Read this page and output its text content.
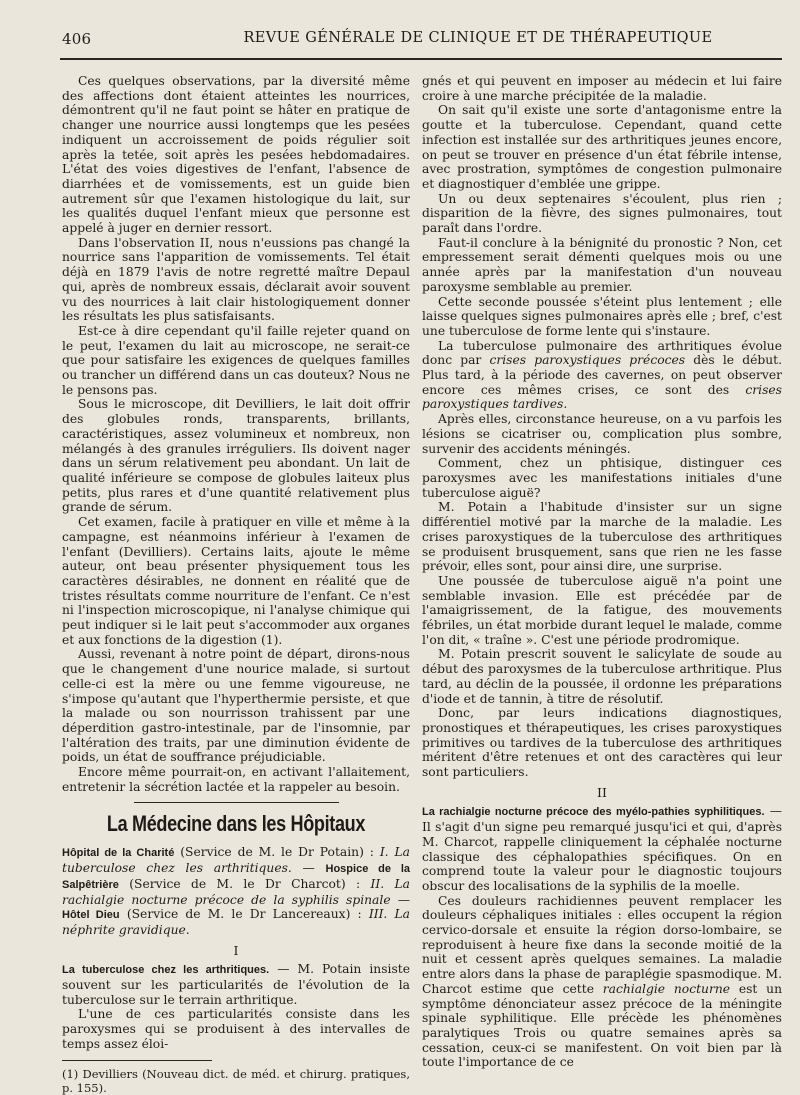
406	REVUE GÉNÉRALE DE CLINIQUE ET DE THÉRAPEUTIQUE

Ces quelques observations, par la diversité même des affections dont étaient atteintes les nourrices, démontrent qu'il ne faut point se hâter en pratique de changer une nourrice aussi longtemps que les pesées indiquent un accroissement de poids régulier soit après la tetée, soit après les pesées hebdomadaires. L'état des voies digestives de l'enfant, l'absence de diarrhées et de vomissements, est un guide bien autrement sûr que l'examen histologique du lait, sur les qualités duquel l'enfant mieux que personne est appelé à juger en dernier ressort.

Dans l'observation II, nous n'eussions pas changé la nourrice sans l'apparition de vomissements. Tel était déjà en 1879 l'avis de notre regretté maître Depaul qui, après de nombreux essais, déclarait avoir souvent vu des nourrices à lait clair histologiquement donner les résultats les plus satisfaisants.

Est-ce à dire cependant qu'il faille rejeter quand on le peut, l'examen du lait au microscope, ne serait-ce que pour satisfaire les exigences de quelques familles ou trancher un différend dans un cas douteux? Nous ne le pensons pas.

Sous le microscope, dit Devilliers, le lait doit offrir des globules ronds, transparents, brillants, caractéristiques, assez volumineux et nombreux, non mélangés à des granules irréguliers. Ils doivent nager dans un sérum relativement peu abondant. Un lait de qualité inférieure se compose de globules laiteux plus petits, plus rares et d'une quantité relativement plus grande de sérum.

Cet examen, facile à pratiquer en ville et même à la campagne, est néanmoins inférieur à l'examen de l'enfant (Devilliers). Certains laits, ajoute le même auteur, ont beau présenter physiquement tous les caractères désirables, ne donnent en réalité que de tristes résultats comme nourriture de l'enfant. Ce n'est ni l'inspection microscopique, ni l'analyse chimique qui peut indiquer si le lait peut s'accommoder aux organes et aux fonctions de la digestion (1).

Aussi, revenant à notre point de départ, dirons-nous que le changement d'une nourice malade, si surtout celle-ci est la mère ou une femme vigoureuse, ne s'impose qu'autant que l'hyperthermie persiste, et que la malade ou son nourrisson trahissent par une déperdition gastro-intestinale, par de l'insomnie, par l'altération des traits, par une diminution évidente de poids, un état de souffrance préjudiciable.

Encore même pourrait-on, en activant l'allaitement, entretenir la sécrétion lactée et la rappeler au besoin.

La Médecine dans les Hôpitaux

Hôpital de la Charité (Service de M. le Dr Potain) : I. La tuberculose chez les arthritiques. — Hospice de la Salpêtrière (Service de M. le Dr Charcot) : II. La rachialgie nocturne précoce de la syphilis spinale — Hôtel Dieu (Service de M. le Dr Lancereaux) : III. La néphrite gravidique.

I

La tuberculose chez les arthritiques. — M. Potain insiste souvent sur les particularités de l'évolution de la tuberculose sur le terrain arthritique.

L'une de ces particularités consiste dans les paroxysmes qui se produisent à des intervalles de temps assez éloi-

(1) Devilliers (Nouveau dict. de méd. et chirurg. pratiques, p. 155).

gnés et qui peuvent en imposer au médecin et lui faire croire à une marche précipitée de la maladie.

On sait qu'il existe une sorte d'antagonisme entre la goutte et la tuberculose. Cependant, quand cette infection est installée sur des arthritiques jeunes encore, on peut se trouver en présence d'un état fébrile intense, avec prostration, symptômes de congestion pulmonaire et diagnostiquer d'emblée une grippe.

Un ou deux septenaires s'écoulent, plus rien ; disparition de la fièvre, des signes pulmonaires, tout paraît dans l'ordre.

Faut-il conclure à la bénignité du pronostic ? Non, cet empressement serait démenti quelques mois ou une année après par la manifestation d'un nouveau paroxysme semblable au premier.

Cette seconde poussée s'éteint plus lentement ; elle laisse quelques signes pulmonaires après elle ; bref, c'est une tuberculose de forme lente qui s'instaure.

La tuberculose pulmonaire des arthritiques évolue donc par crises paroxystiques précoces dès le début. Plus tard, à la période des cavernes, on peut observer encore ces mêmes crises, ce sont des crises paroxystiques tardives.

Après elles, circonstance heureuse, on a vu parfois les lésions se cicatriser ou, complication plus sombre, survenir des accidents méningés.

Comment, chez un phtisique, distinguer ces paroxysmes avec les manifestations initiales d'une tuberculose aiguë?

M. Potain a l'habitude d'insister sur un signe différentiel motivé par la marche de la maladie. Les crises paroxystiques de la tuberculose des arthritiques se produisent brusquement, sans que rien ne les fasse prévoir, elles sont, pour ainsi dire, une surprise.

Une poussée de tuberculose aiguë n'a point une semblable invasion. Elle est précédée par de l'amaigrissement, de la fatigue, des mouvements fébriles, un état morbide durant lequel le malade, comme l'on dit, « traîne ». C'est une période prodromique.

M. Potain prescrit souvent le salicylate de soude au début des paroxysmes de la tuberculose arthritique. Plus tard, au déclin de la poussée, il ordonne les préparations d'iode et de tannin, à titre de résolutif.

Donc, par leurs indications diagnostiques, pronostiques et thérapeutiques, les crises paroxystiques primitives ou tardives de la tuberculose des arthritiques méritent d'être retenues et ont des caractères qui leur sont particuliers.

II

La rachialgie nocturne précoce des myélo-pathies syphilitiques. — Il s'agit d'un signe peu remarqué jusqu'ici et qui, d'après M. Charcot, rappelle cliniquement la céphalée nocturne classique des céphalopathies spécifiques. On en comprend toute la valeur pour le diagnostic toujours obscur des localisations de la syphilis de la moelle.

Ces douleurs rachidiennes peuvent remplacer les douleurs céphaliques initiales : elles occupent la région cervico-dorsale et ensuite la région dorso-lombaire, se reproduisent à heure fixe dans la seconde moitié de la nuit et cessent après quelques semaines. La maladie entre alors dans la phase de paraplégie spasmodique. M. Charcot estime que cette rachialgie nocturne est un symptôme dénonciateur assez précoce de la méningite spinale syphilitique. Elle précède les phénomènes paralytiques Trois ou quatre semaines après sa cessation, ceux-ci se manifestent. On voit bien par là toute l'importance de ce
